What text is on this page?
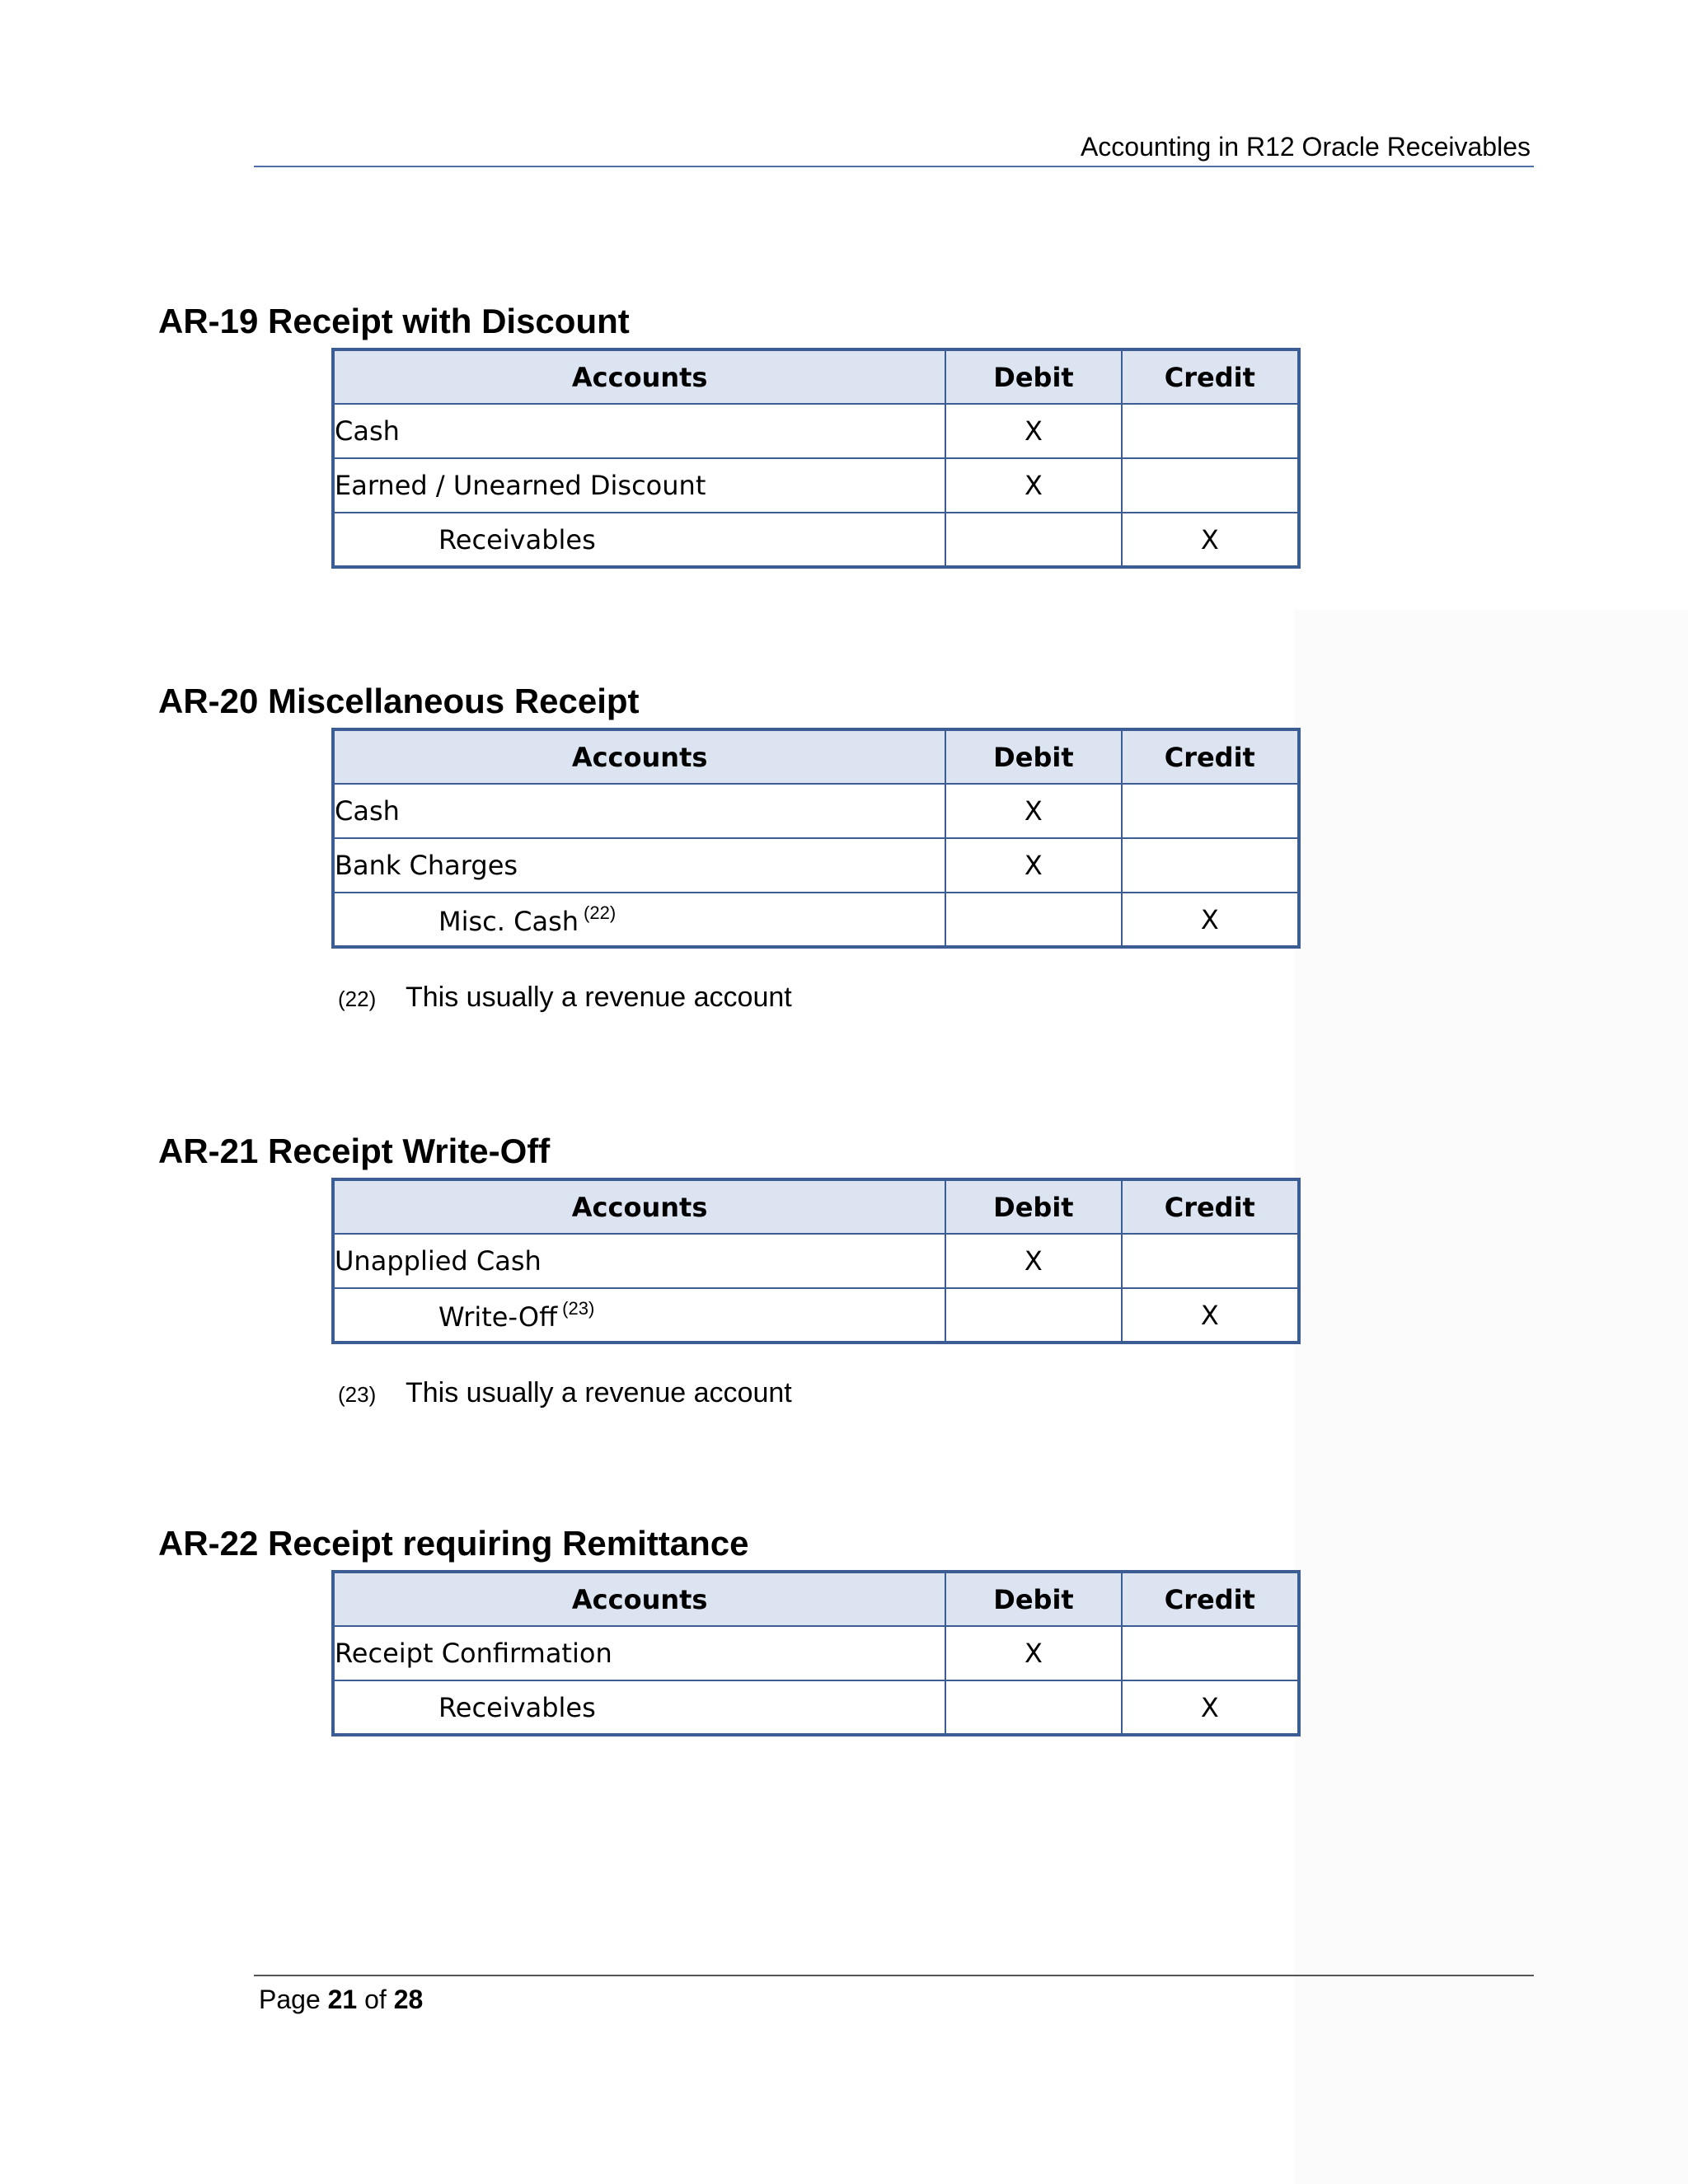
Accounting in R12 Oracle Receivables
AR-19 Receipt with Discount
Accounts	Debit	Credit
Cash	X	
Earned / Unearned Discount	X	
Receivables		X
AR-20 Miscellaneous Receipt
Accounts	Debit	Credit
Cash	X	
Bank Charges	X	
Misc. Cash $^{(22)}$		X
(22)	This usually a revenue account
AR-21 Receipt Write-Off
Accounts	Debit	Credit
Unapplied Cash	X	
Write-Off $^{(23)}$		X
(23)	This usually a revenue account
AR-22 Receipt requiring Remittance
Accounts	Debit	Credit
Receipt Confirmation	X	
Receivables		X
Page 21 of 28
